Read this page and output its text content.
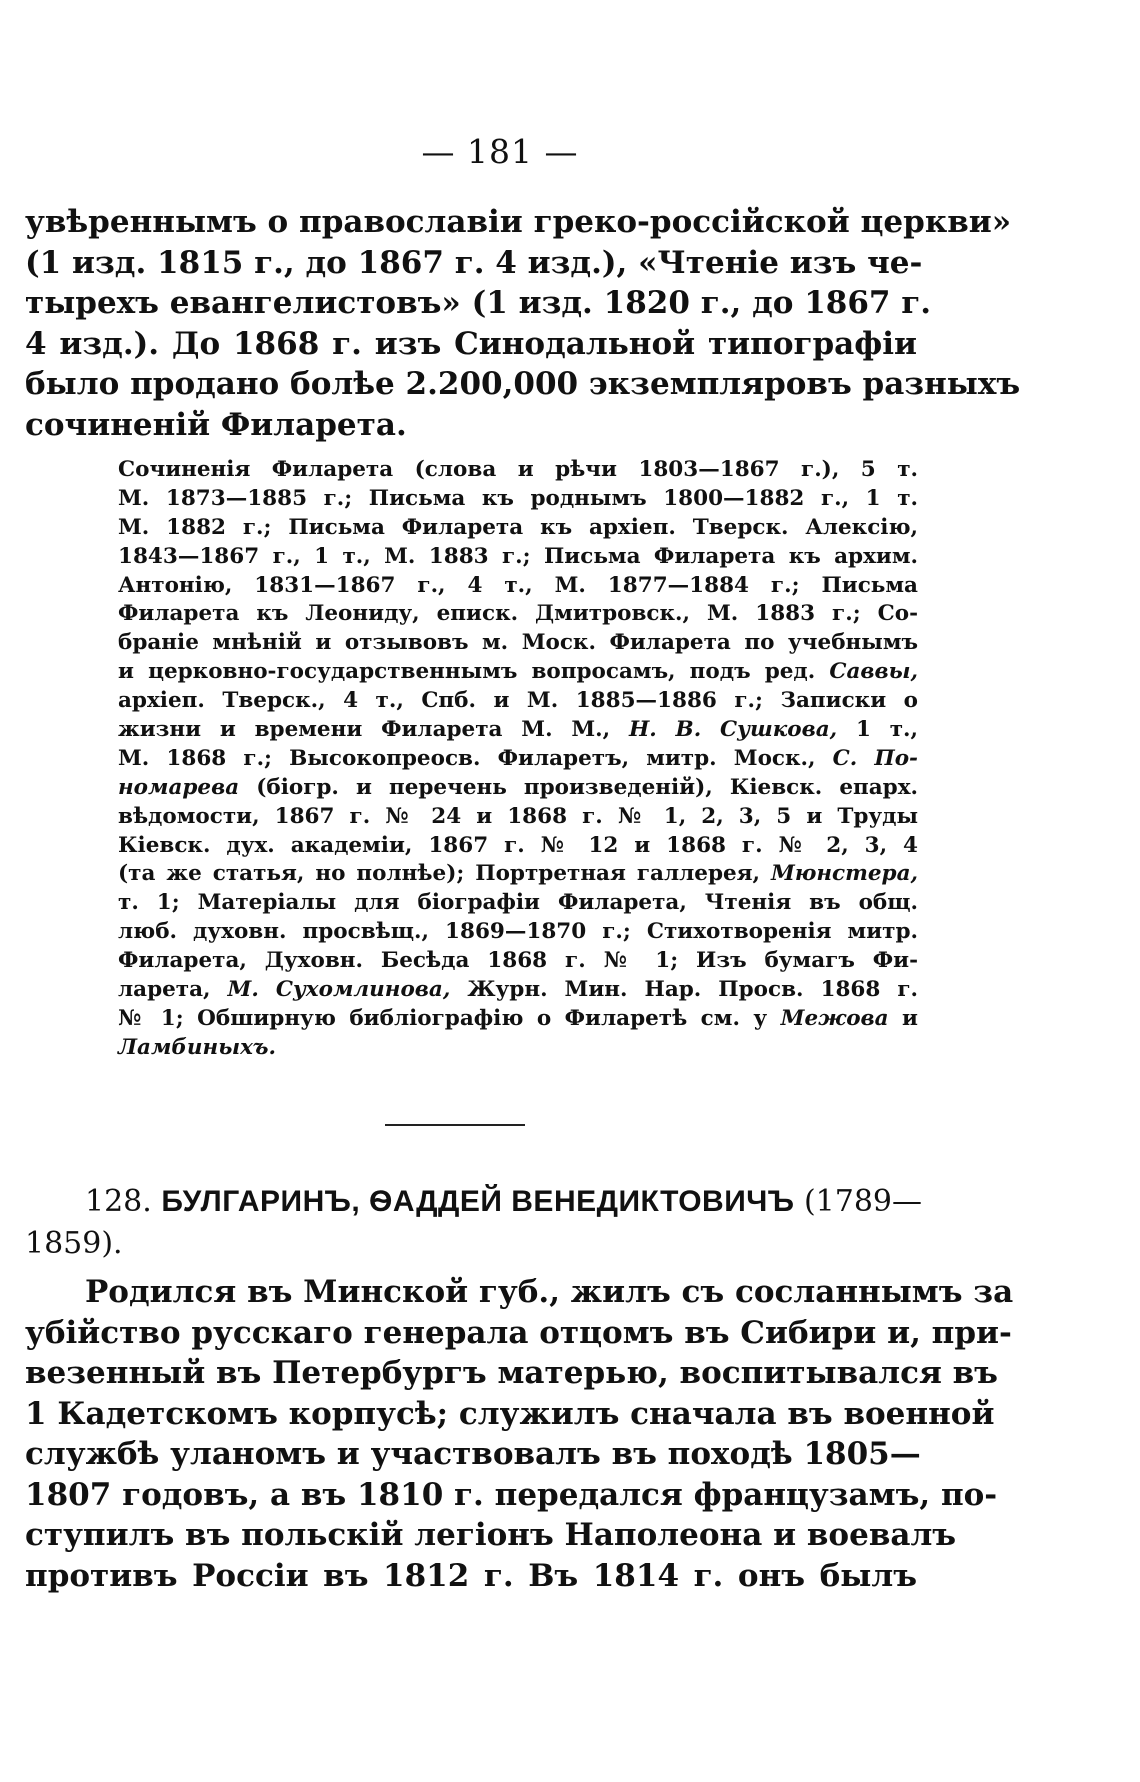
— 181 —
увѣреннымъ о православіи греко-россійской церкви»
(1 изд. 1815 г., до 1867 г. 4 изд.), «Чтеніе изъ че-
тырехъ евангелистовъ» (1 изд. 1820 г., до 1867 г.
4 изд.). До 1868 г. изъ Синодальной типографіи
было продано болѣе 2.200,000 экземпляровъ разныхъ
сочиненій Филарета.
Сочиненія Филарета (слова и рѣчи 1803—1867 г.), 5 т.
М. 1873—1885 г.; Письма къ роднымъ 1800—1882 г., 1 т.
М. 1882 г.; Письма Филарета къ архіеп. Тверск. Алексію,
1843—1867 г., 1 т., М. 1883 г.; Письма Филарета къ архим.
Антонію, 1831—1867 г., 4 т., М. 1877—1884 г.; Письма
Филарета къ Леониду, еписк. Дмитровск., М. 1883 г.; Со-
браніе мнѣній и отзывовъ м. Моск. Филарета по учебнымъ
и церковно-государственнымъ вопросамъ, подъ ред. Саввы,
архіеп. Тверск., 4 т., Спб. и М. 1885—1886 г.; Записки о
жизни и времени Филарета М. М., Н. В. Сушкова, 1 т.,
М. 1868 г.; Высокопреосв. Филаретъ, митр. Моск., С. По-
номарева (біогр. и перечень произведеній), Кіевск. епарх.
вѣдомости, 1867 г. № 24 и 1868 г. № 1, 2, 3, 5 и Труды
Кіевск. дух. академіи, 1867 г. № 12 и 1868 г. № 2, 3, 4
(та же статья, но полнѣе); Портретная галлерея, Мюнстера,
т. 1; Матеріалы для біографіи Филарета, Чтенія въ общ.
люб. духовн. просвѣщ., 1869—1870 г.; Стихотворенія митр.
Филарета, Духовн. Бесѣда 1868 г. № 1; Изъ бумагъ Фи-
ларета, М. Сухомлинова, Журн. Мин. Нар. Просв. 1868 г.
№ 1; Обширную библіографію о Филаретѣ см. у Межова и
Ламбиныхъ.
128. БУЛГАРИНЪ, ѲАДДЕЙ ВЕНЕДИКТОВИЧЪ (1789—
1859).
Родился въ Минской губ., жилъ съ сосланнымъ за
убійство русскаго генерала отцомъ въ Сибири и, при-
везенный въ Петербургъ матерью, воспитывался въ
1 Кадетскомъ корпусѣ; служилъ сначала въ военной
службѣ уланомъ и участвовалъ въ походѣ 1805—
1807 годовъ, а въ 1810 г. передался французамъ, по-
ступилъ въ польскій легіонъ Наполеона и воевалъ
противъ Россіи въ 1812 г. Въ 1814 г. онъ былъ
